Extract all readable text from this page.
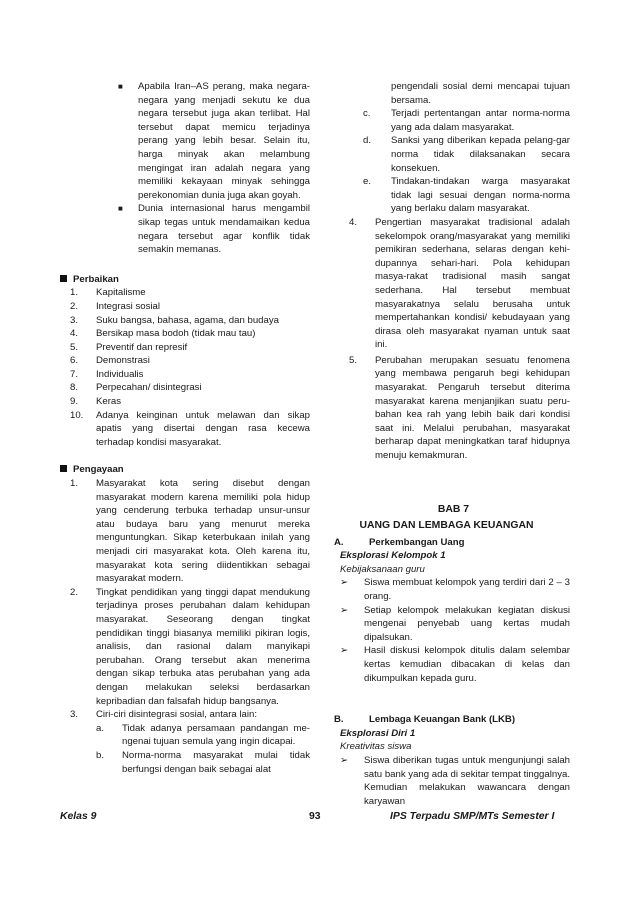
■	Apabila Iran–AS perang, maka negara-negara yang menjadi sekutu ke dua negara tersebut juga akan terlibat. Hal tersebut dapat memicu terjadinya perang yang lebih besar. Selain itu, harga minyak akan melambung mengingat iran adalah negara yang memiliki kekayaan minyak sehingga perekonomian dunia juga akan goyah.
■	Dunia internasional harus mengambil sikap tegas untuk mendamaikan kedua negara tersebut agar konflik tidak semakin memanas.
Perbaikan
1.	Kapitalisme
2.	Integrasi sosial
3.	Suku bangsa, bahasa, agama, dan budaya
4.	Bersikap masa bodoh (tidak mau tau)
5.	Preventif dan represif
6.	Demonstrasi
7.	Individualis
8.	Perpecahan/ disintegrasi
9.	Keras
10.	Adanya keinginan untuk melawan dan sikap apatis yang disertai dengan rasa kecewa terhadap kondisi masyarakat.
Pengayaan
1.	Masyarakat kota sering disebut dengan masyarakat modern karena memiliki pola hidup yang cenderung terbuka terhadap unsur-unsur atau budaya baru yang menurut mereka menguntungkan. Sikap keterbukaan inilah yang menjadi ciri masyarakat kota. Oleh karena itu, masyarakat kota sering diidentikkan sebagai masyarakat modern.
2.	Tingkat pendidikan yang tinggi dapat mendukung terjadinya proses perubahan dalam kehidupan masyarakat. Seseorang dengan tingkat pendidikan tinggi biasanya memiliki pikiran logis, analisis, dan rasional dalam manyikapi perubahan. Orang tersebut akan menerima dengan sikap terbuka atas perubahan yang ada dengan melakukan seleksi berdasarkan kepribadian dan falsafah hidup bangsanya.
3.	Ciri-ciri disintegrasi sosial, antara lain:
a.	Tidak adanya persamaan pandangan me-ngenai tujuan semula yang ingin dicapai.
b.	Norma-norma masyarakat mulai tidak berfungsi dengan baik sebagai alat
pengendali sosial demi mencapai tujuan bersama.
c.	Terjadi pertentangan antar norma-norma yang ada dalam masyarakat.
d.	Sanksi yang diberikan kepada pelang-gar norma tidak dilaksanakan secara konsekuen.
e.	Tindakan-tindakan warga masyarakat tidak lagi sesuai dengan norma-norma yang berlaku dalam masyarakat.
4.	Pengertian masyarakat tradisional adalah sekelompok orang/masyarakat yang memiliki pemikiran sederhana, selaras dengan kehi-dupannya sehari-hari. Pola kehidupan masya-rakat tradisional masih sangat sederhana. Hal tersebut membuat masyarakatnya selalu berusaha untuk mempertahankan kondisi/ kebudayaan yang dirasa oleh masyarakat nyaman untuk saat ini.
5.	Perubahan merupakan sesuatu fenomena yang membawa pengaruh begi kehidupan masyarakat. Pengaruh tersebut diterima masyarakat karena menjanjikan suatu peru-bahan kea rah yang lebih baik dari kondisi saat ini. Melalui perubahan, masyarakat berharap dapat meningkatkan taraf hidupnya menuju kemakmuran.
BAB 7
UANG DAN LEMBAGA KEUANGAN
A.	Perkembangan Uang
Eksplorasi Kelompok 1
Kebijaksanaan guru
➢	Siswa membuat kelompok yang terdiri dari 2 – 3 orang.
➢	Setiap kelompok melakukan kegiatan diskusi mengenai penyebab uang kertas mudah dipalsukan.
➢	Hasil diskusi kelompok ditulis dalam selembar kertas kemudian dibacakan di kelas dan dikumpulkan kepada guru.
B.	Lembaga Keuangan Bank (LKB)
Eksplorasi Diri 1
Kreativitas siswa
➢	Siswa diberikan tugas untuk mengunjungi salah satu bank yang ada di sekitar tempat tinggalnya. Kemudian melakukan wawancara dengan karyawan
Kelas 9	93	IPS Terpadu SMP/MTs Semester I
